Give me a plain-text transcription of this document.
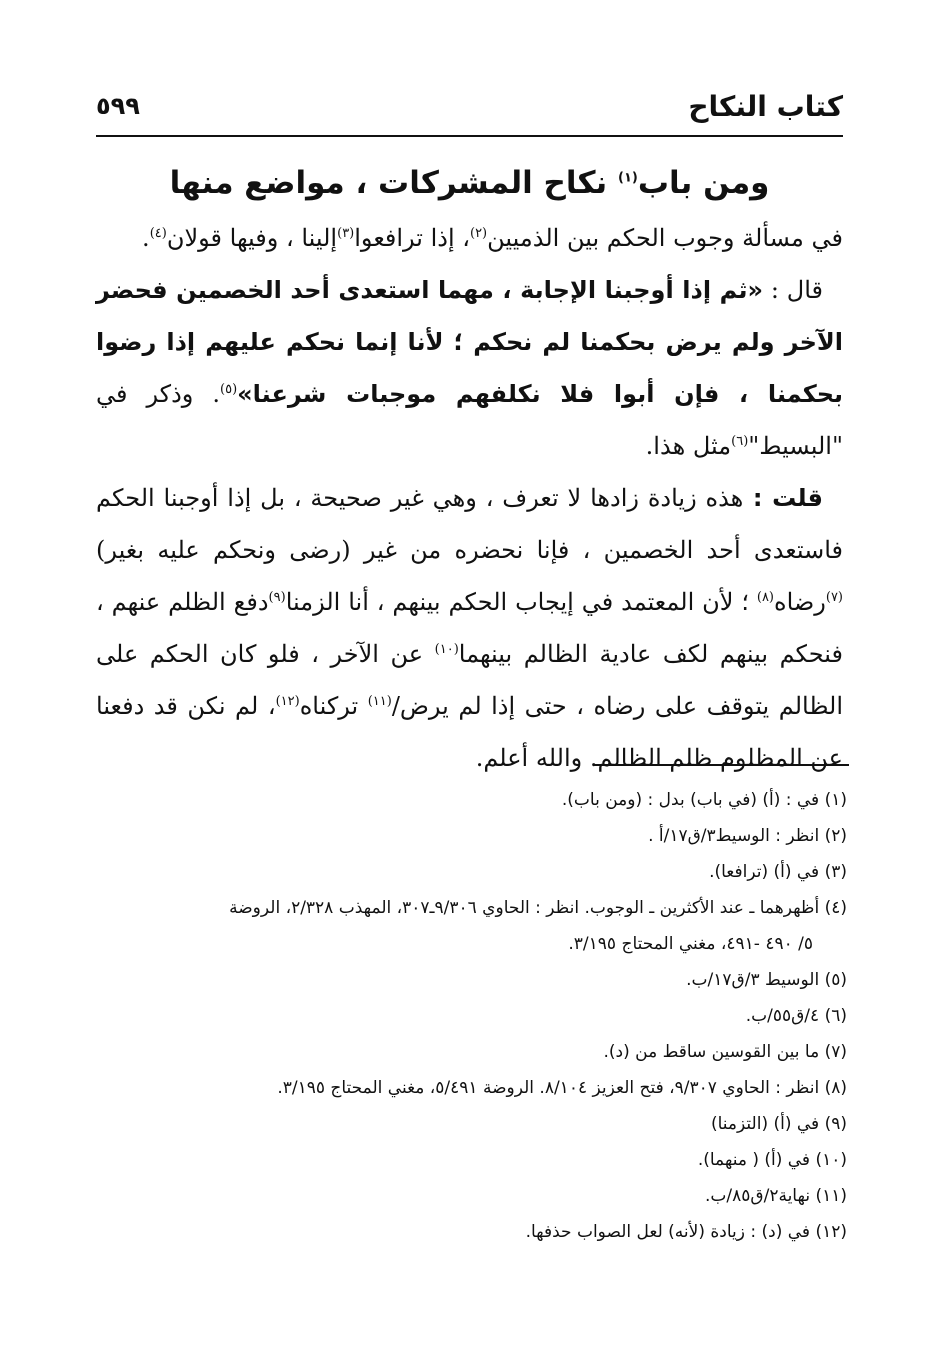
كتاب النكاح
٥٩٩
ومن باب$^{(١)}$ نكاح المشركات ، مواضع منها

في مسألة وجوب الحكم بين الذميين$^{(٢)}$، إذا ترافعوا$^{(٣)}$إلينا ، وفيها قولان$^{(٤)}$.

قال : «ثم إذا أوجبنا الإجابة ، مهما استعدى أحد الخصمين فحضر الآخر ولم يرض بحكمنا لم نحكم ؛ لأنا إنما نحكم عليهم إذا رضوا بحكمنا ، فإن أبوا فلا نكلفهم موجبات شرعنا»$^{(٥)}$. وذكر في "البسيط"$^{(٦)}$مثل هذا.

قلت : هذه زيادة زادها لا تعرف ، وهي غير صحيحة ، بل إذا أوجبنا الحكم فاستعدى أحد الخصمين ، فإنا نحضره من غير (رضى ونحكم عليه بغير)$^{(٧)}$رضاه$^{(٨)}$ ؛ لأن المعتمد في إيجاب الحكم بينهم ، أنا الزمنا$^{(٩)}$دفع الظلم عنهم ، فنحكم بينهم لكف عادية الظالم بينهما$^{(١٠)}$ عن الآخر ، فلو كان الحكم على الظالم يتوقف على رضاه ، حتى إذا لم يرض/$^{(١١)}$ تركناه$^{(١٢)}$، لم نكن قد دفعنا عن المظلوم ظلم الظالم. والله أعلم.

(١) في : (أ) (في باب) بدل : (ومن باب).
(٢) انظر : الوسيط٣/ق١٧/أ .
(٣) في (أ) (ترافعا).
(٤) أظهرهما ـ عند الأكثرين ـ الوجوب. انظر : الحاوي ٩/٣٠٦ـ٣٠٧، المهذب ٢/٣٢٨، الروضة
٥/ ٤٩٠ -٤٩١، مغني المحتاج ٣/١٩٥.
(٥) الوسيط ٣/ق١٧/ب.
(٦) ٤/ق٥٥/ب.
(٧) ما بين القوسين ساقط من (د).
(٨) انظر : الحاوي ٩/٣٠٧، فتح العزيز ٨/١٠٤. الروضة ٥/٤٩١، مغني المحتاج ٣/١٩٥.
(٩) في (أ) (التزمنا)
(١٠) في (أ) ( منهما).
(١١) نهاية٢/ق٨٥/ب.
(١٢) في (د) : زيادة (لأنه) لعل الصواب حذفها.
